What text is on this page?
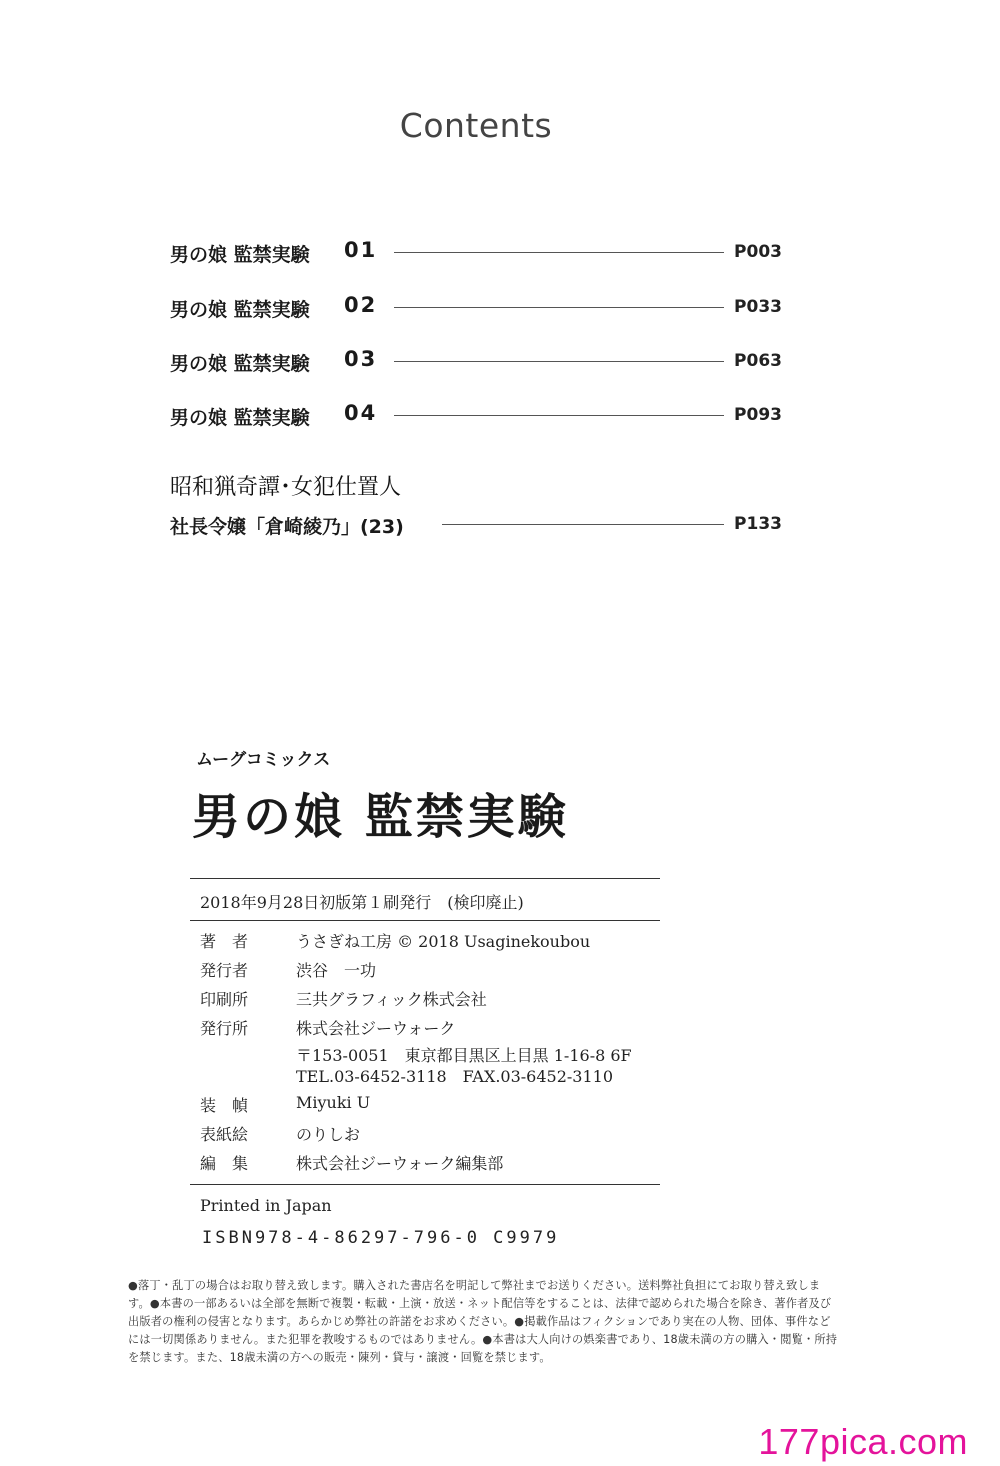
Contents
男の娘 監禁実験 01	P003
男の娘 監禁実験 02	P033
男の娘 監禁実験 03	P063
男の娘 監禁実験 04	P093
昭和猟奇譚･女犯仕置人
社長令嬢「倉崎綾乃」(23)	P133
ムーグコミックス
男の娘 監禁実験
2018年9月28日初版第１刷発行　(検印廃止)
著　者	うさぎね工房 © 2018 Usaginekoubou
発行者	渋谷　一功
印刷所	三共グラフィック株式会社
発行所	株式会社ジーウォーク
〒153-0051　東京都目黒区上目黒 1-16-8 6F
TEL.03-6452-3118　FAX.03-6452-3110
装　幀	Miyuki U
表紙絵	のりしお
編　集	株式会社ジーウォーク編集部
Printed in Japan
ISBN978-4-86297-796-0 C9979
●落丁・乱丁の場合はお取り替え致します。購入された書店名を明記して弊社までお送りください。送料弊社負担にてお取り替え致します。●本書の一部あるいは全部を無断で複製・転載・上演・放送・ネット配信等をすることは、法律で認められた場合を除き、著作者及び出版者の権利の侵害となります。あらかじめ弊社の許諾をお求めください。●掲載作品はフィクションであり実在の人物、団体、事件などには一切関係ありません。また犯罪を教唆するものではありません。●本書は大人向けの娯楽書であり、18歳未満の方の購入・閲覧・所持を禁じます。また、18歳未満の方への販売・陳列・貸与・譲渡・回覧を禁じます。
177pica.com
